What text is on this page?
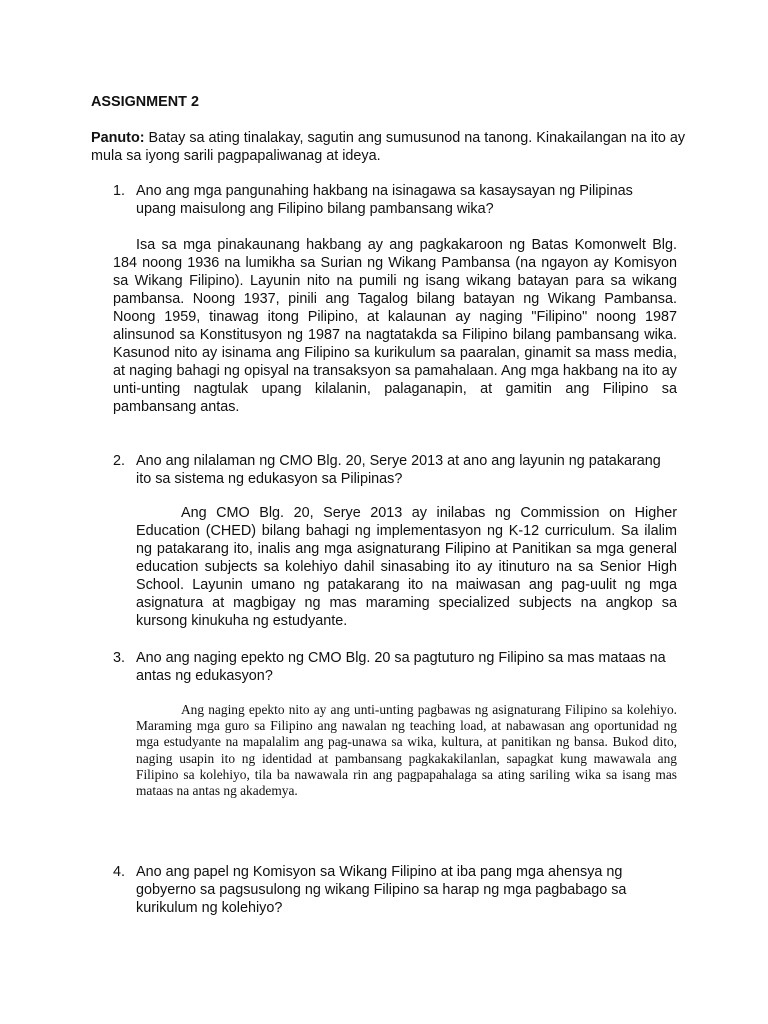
ASSIGNMENT 2

Panuto: Batay sa ating tinalakay, sagutin ang sumusunod na tanong. Kinakailangan na ito ay mula sa iyong sarili pagpapaliwanag at ideya.

1. Ano ang mga pangunahing hakbang na isinagawa sa kasaysayan ng Pilipinas upang maisulong ang Filipino bilang pambansang wika?

Isa sa mga pinakaunang hakbang ay ang pagkakaroon ng Batas Komonwelt Blg. 184 noong 1936 na lumikha sa Surian ng Wikang Pambansa (na ngayon ay Komisyon sa Wikang Filipino). Layunin nito na pumili ng isang wikang batayan para sa wikang pambansa. Noong 1937, pinili ang Tagalog bilang batayan ng Wikang Pambansa. Noong 1959, tinawag itong Pilipino, at kalaunan ay naging "Filipino" noong 1987 alinsunod sa Konstitusyon ng 1987 na nagtatakda sa Filipino bilang pambansang wika. Kasunod nito ay isinama ang Filipino sa kurikulum sa paaralan, ginamit sa mass media, at naging bahagi ng opisyal na transaksyon sa pamahalaan. Ang mga hakbang na ito ay unti-unting nagtulak upang kilalanin, palaganapin, at gamitin ang Filipino sa pambansang antas.

2. Ano ang nilalaman ng CMO Blg. 20, Serye 2013 at ano ang layunin ng patakarang ito sa sistema ng edukasyon sa Pilipinas?

Ang CMO Blg. 20, Serye 2013 ay inilabas ng Commission on Higher Education (CHED) bilang bahagi ng implementasyon ng K-12 curriculum. Sa ilalim ng patakarang ito, inalis ang mga asignaturang Filipino at Panitikan sa mga general education subjects sa kolehiyo dahil sinasabing ito ay itinuturo na sa Senior High School. Layunin umano ng patakarang ito na maiwasan ang pag-uulit ng mga asignatura at magbigay ng mas maraming specialized subjects na angkop sa kursong kinukuha ng estudyante.

3. Ano ang naging epekto ng CMO Blg. 20 sa pagtuturo ng Filipino sa mas mataas na antas ng edukasyon?

Ang naging epekto nito ay ang unti-unting pagbawas ng asignaturang Filipino sa kolehiyo. Maraming mga guro sa Filipino ang nawalan ng teaching load, at nabawasan ang oportunidad ng mga estudyante na mapalalim ang pag-unawa sa wika, kultura, at panitikan ng bansa. Bukod dito, naging usapin ito ng identidad at pambansang pagkakakilanlan, sapagkat kung mawawala ang Filipino sa kolehiyo, tila ba nawawala rin ang pagpapahalaga sa ating sariling wika sa isang mas mataas na antas ng akademya.

4. Ano ang papel ng Komisyon sa Wikang Filipino at iba pang mga ahensya ng gobyerno sa pagsusulong ng wikang Filipino sa harap ng mga pagbabago sa kurikulum ng kolehiyo?
